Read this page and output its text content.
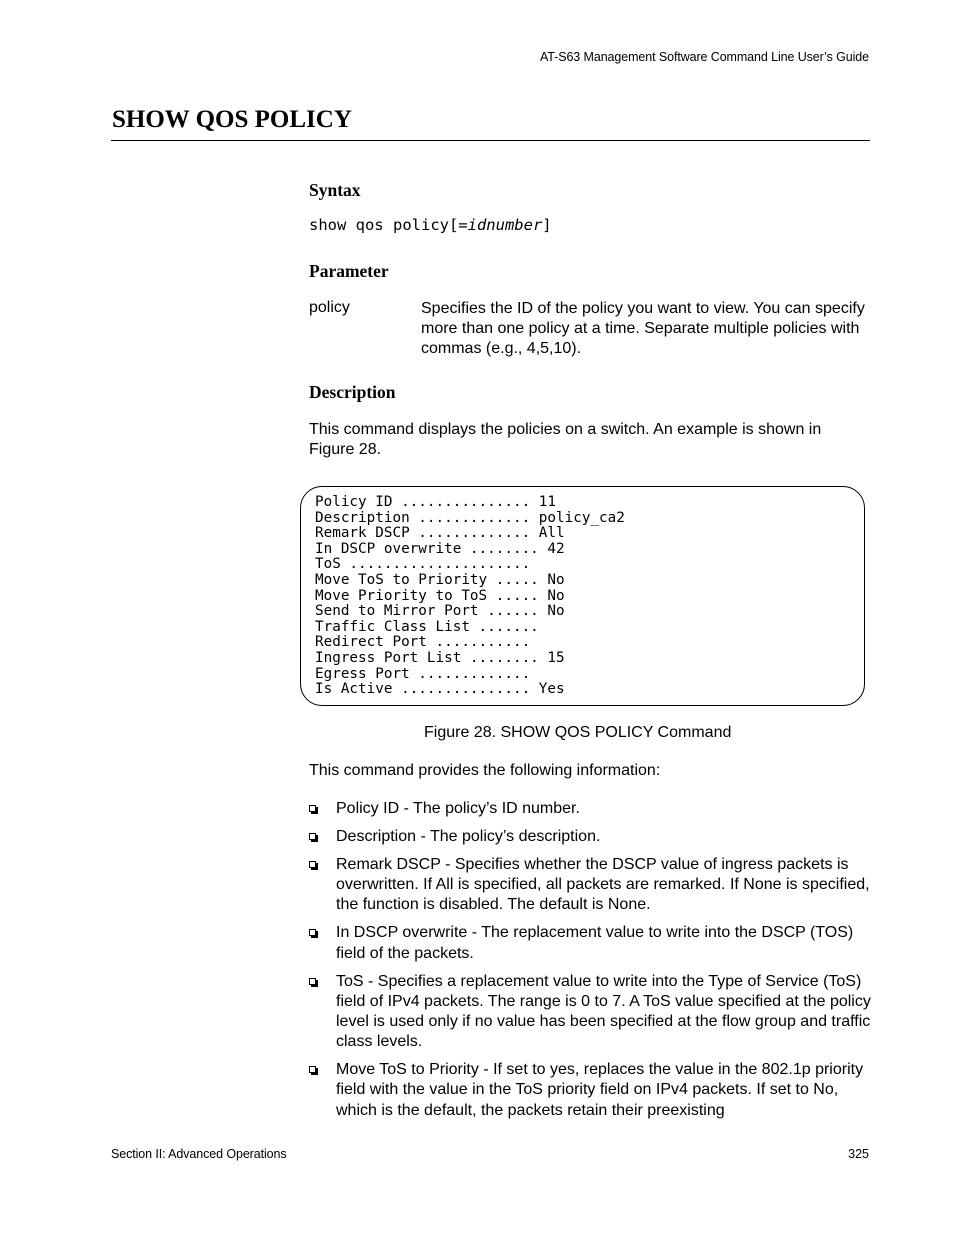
AT-S63 Management Software Command Line User’s Guide
SHOW QOS POLICY
Syntax
show qos policy[=idnumber]
Parameter
policy	Specifies the ID of the policy you want to view. You can specify more than one policy at a time. Separate multiple policies with commas (e.g., 4,5,10).
Description
This command displays the policies on a switch. An example is shown in Figure 28.
Policy ID ............... 11
Description ............. policy_ca2
Remark DSCP ............. All
In DSCP overwrite ........ 42
ToS .....................
Move ToS to Priority ..... No
Move Priority to ToS ..... No
Send to Mirror Port ...... No
Traffic Class List .......
Redirect Port ...........
Ingress Port List ........ 15
Egress Port .............
Is Active ............... Yes
Figure 28. SHOW QOS POLICY Command
This command provides the following information:
Policy ID - The policy’s ID number.
Description - The policy’s description.
Remark DSCP - Specifies whether the DSCP value of ingress packets is overwritten. If All is specified, all packets are remarked. If None is specified, the function is disabled. The default is None.
In DSCP overwrite - The replacement value to write into the DSCP (TOS) field of the packets.
ToS - Specifies a replacement value to write into the Type of Service (ToS) field of IPv4 packets. The range is 0 to 7. A ToS value specified at the policy level is used only if no value has been specified at the flow group and traffic class levels.
Move ToS to Priority - If set to yes, replaces the value in the 802.1p priority field with the value in the ToS priority field on IPv4 packets. If set to No, which is the default, the packets retain their preexisting
Section II: Advanced Operations	325
